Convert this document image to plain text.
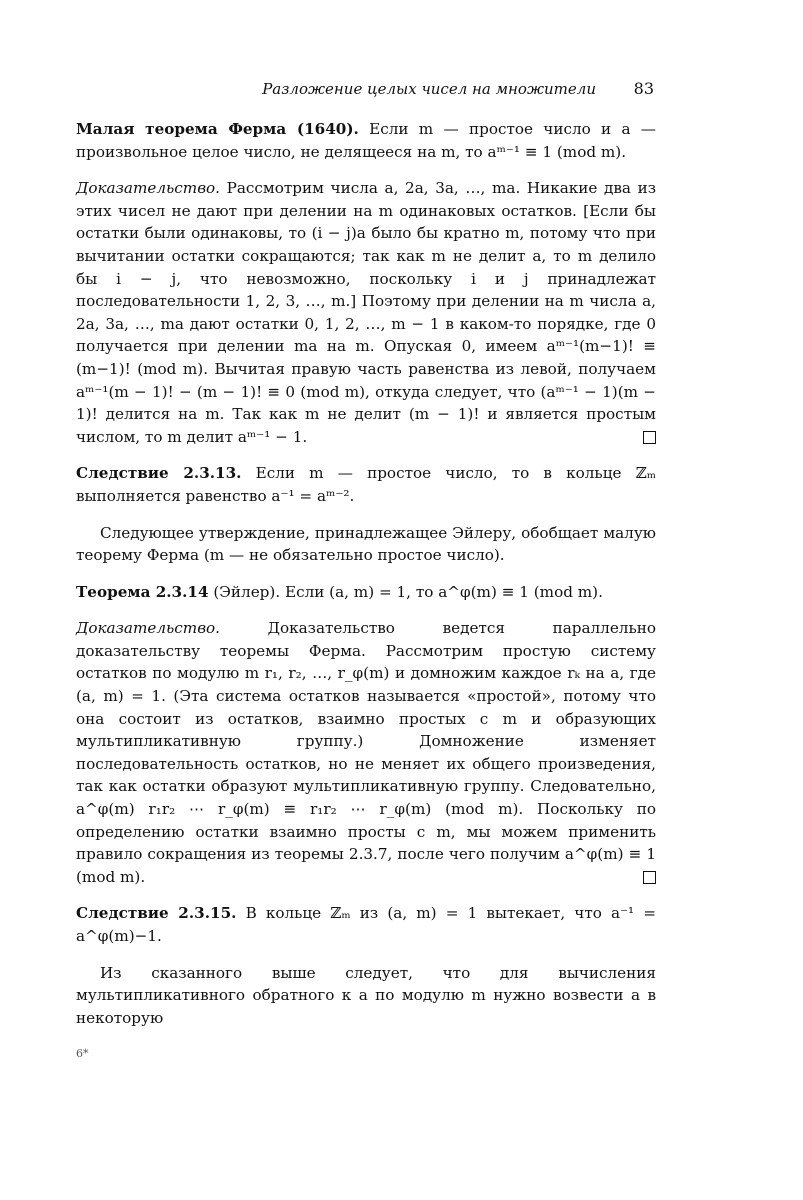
Разложение целых чисел на множители 83

Малая теорема Ферма (1640). Если m — простое число и a — произвольное целое число, не делящееся на m, то aᵐ⁻¹ ≡ 1 (mod m).

Доказательство. Рассмотрим числа a, 2a, 3a, …, ma. Никакие два из этих чисел не дают при делении на m одинаковых остатков. [Если бы остатки были одинаковы, то (i − j)a было бы кратно m, потому что при вычитании остатки сокращаются; так как m не делит a, то m делило бы i − j, что невозможно, поскольку i и j принадлежат последовательности 1, 2, 3, …, m.] Поэтому при делении на m числа a, 2a, 3a, …, ma дают остатки 0, 1, 2, …, m − 1 в каком-то порядке, где 0 получается при делении ma на m. Опуская 0, имеем aᵐ⁻¹(m−1)! ≡ (m−1)! (mod m). Вычитая правую часть равенства из левой, получаем aᵐ⁻¹(m − 1)! − (m − 1)! ≡ 0 (mod m), откуда следует, что (aᵐ⁻¹ − 1)(m − 1)! делится на m. Так как m не делит (m − 1)! и является простым числом, то m делит aᵐ⁻¹ − 1.

Следствие 2.3.13. Если m — простое число, то в кольце ℤₘ выполняется равенство a⁻¹ = aᵐ⁻².

Следующее утверждение, принадлежащее Эйлеру, обобщает малую теорему Ферма (m — не обязательно простое число).

Теорема 2.3.14 (Эйлер). Если (a, m) = 1, то a^φ(m) ≡ 1 (mod m).

Доказательство.	Доказательство ведется параллельно доказательству теоремы Ферма. Рассмотрим простую систему остатков по модулю m r₁, r₂, …, r_φ(m) и домножим каждое rₖ на a, где (a, m) = 1. (Эта система остатков называется «простой», потому что она состоит из остатков, взаимно простых с m и образующих мультипликативную группу.) Домножение изменяет последовательность остатков, но не меняет их общего произведения, так как остатки образуют мультипликативную группу. Следовательно, a^φ(m) r₁r₂ ⋯ r_φ(m) ≡ r₁r₂ ⋯ r_φ(m) (mod m). Поскольку по определению остатки взаимно просты с m, мы можем применить правило сокращения из теоремы 2.3.7, после чего получим a^φ(m) ≡ 1 (mod m).

Следствие 2.3.15. В кольце ℤₘ из (a, m) = 1 вытекает, что a⁻¹ = a^φ(m)−1.

Из сказанного выше следует, что для вычисления мультипликативного обратного к a по модулю m нужно возвести a в некоторую

6*
